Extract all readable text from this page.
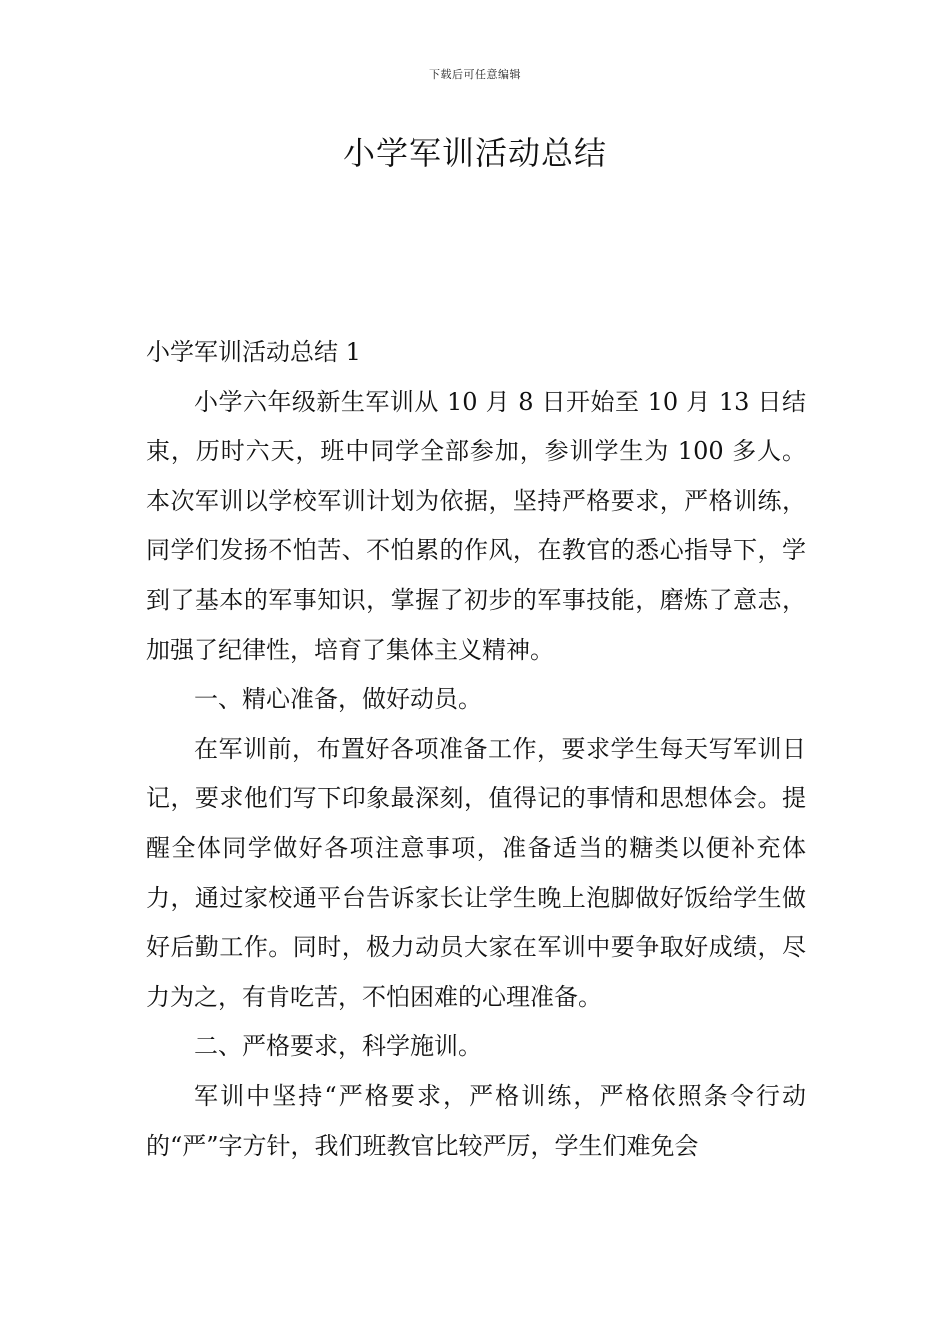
下载后可任意编辑
小学军训活动总结

小学军训活动总结 1

小学六年级新生军训从 10 月 8 日开始至 10 月 13 日结束，历时六天，班中同学全部参加，参训学生为 100 多人。本次军训以学校军训计划为依据，坚持严格要求，严格训练，同学们发扬不怕苦、不怕累的作风，在教官的悉心指导下，学到了基本的军事知识，掌握了初步的军事技能，磨炼了意志，加强了纪律性，培育了集体主义精神。

一、精心准备，做好动员。

在军训前，布置好各项准备工作，要求学生每天写军训日记，要求他们写下印象最深刻，值得记的事情和思想体会。提醒全体同学做好各项注意事项，准备适当的糖类以便补充体力，通过家校通平台告诉家长让学生晚上泡脚做好饭给学生做好后勤工作。同时，极力动员大家在军训中要争取好成绩，尽力为之，有肯吃苦，不怕困难的心理准备。

二、严格要求，科学施训。

军训中坚持“严格要求，严格训练，严格依照条令行动的“严”字方针，我们班教官比较严厉，学生们难免会
